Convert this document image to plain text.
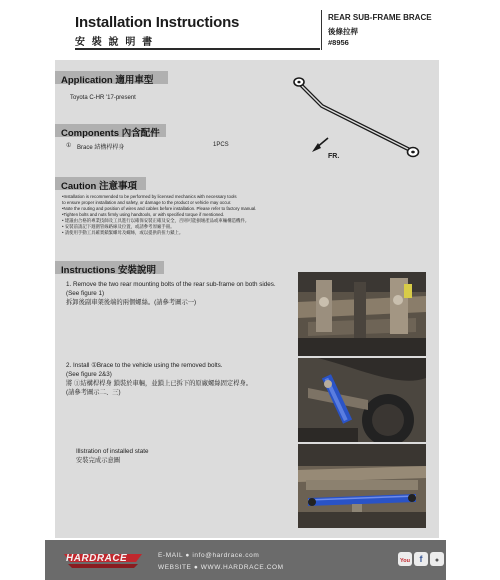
Installation Instructions
安 裝 說 明 書
REAR SUB-FRAME BRACE
後條拉桿
#8956
Application 適用車型
Toyota C-HR '17-present
FR.
Components 內含配件
① Brace 結構桿桿身	1PCS
Caution 注意事項
•Installation is recommended to be performed by licensed mechanics with necessary tools
to ensure proper installation and safety, or damage to the product or vehicle may occur.
•Note the routing and position of wires and cables before installation. Please refer to factory manual.
•Tighten bolts and nuts firmly using handtools, or with specified torque if mentioned.
• 建議由合格的專業技師及工具進行以確保安裝正確及安全，否則可能損壞產品或車輛構造機件。
• 安裝前請記下週圍管線路線及位置，或請參考原廠手冊。
• 請使用手動工具確實鎖緊螺母及螺絲，或以提供的扭力鎖上。
Instructions 安裝說明
1. Remove the two rear mounting bolts of the rear sub-frame on both sides.
(See figure 1)
拆卸後副車架後端的兩個螺絲。(請參考圖示一)
2. Install ①Brace to the vehicle using the removed bolts.
(See figure 2&3)
將 ①結構桿桿身 鎖裝於車輛，並鎖上已拆下的原廠螺絲固定桿身。
(請參考圖示二、三)
Illstration of installed state
安裝完成示意圖
HARDRACE	E-MAIL ● info@hardrace.com
WEBSITE ● WWW.HARDRACE.COM
You	f	●
